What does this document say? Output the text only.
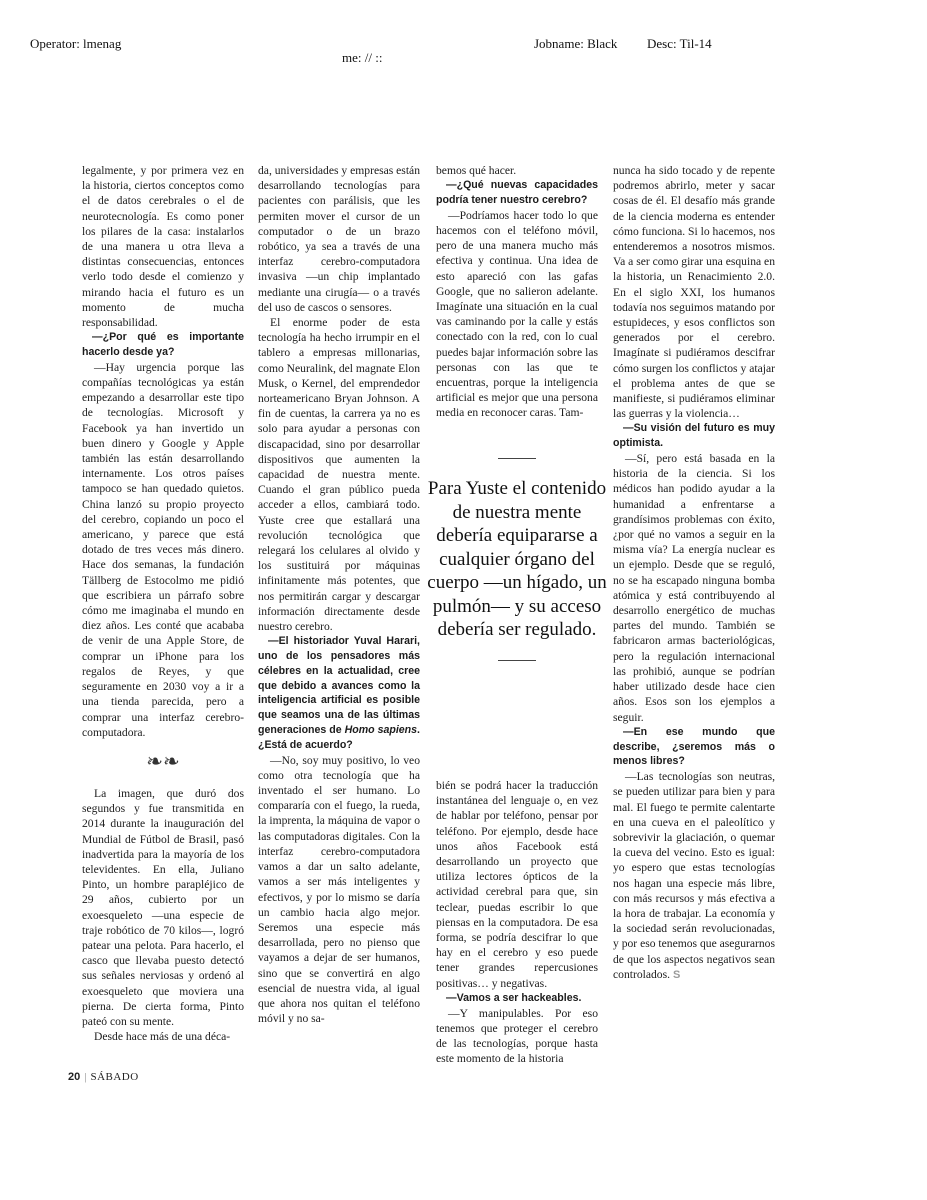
Operator: lmenag
me: // ::
Jobname: Black Desc: Til-14

legalmente, y por primera vez en la historia, ciertos conceptos como el de datos cerebrales o el de neurotecnología. Es como poner los pilares de la casa: instalarlos de una manera u otra lleva a distintas consecuencias, entonces verlo todo desde el comienzo y mirando hacia el futuro es un momento de mucha responsabilidad.

—¿Por qué es importante hacerlo desde ya?

—Hay urgencia porque las compañías tecnológicas ya están empezando a desarrollar este tipo de tecnologías. Microsoft y Facebook ya han invertido un buen dinero y Google y Apple también las están desarrollando internamente. Los otros países tampoco se han quedado quietos. China lanzó su propio proyecto del cerebro, copiando un poco el americano, y parece que está dotado de tres veces más dinero. Hace dos semanas, la fundación Tällberg de Estocolmo me pidió que escribiera un párrafo sobre cómo me imaginaba el mundo en diez años. Les conté que acababa de venir de una Apple Store, de comprar un iPhone para los regalos de Reyes, y que seguramente en 2030 voy a ir a una tienda parecida, pero a comprar una interfaz cerebro-computadora.

❧❧

La imagen, que duró dos segundos y fue transmitida en 2014 durante la inauguración del Mundial de Fútbol de Brasil, pasó inadvertida para la mayoría de los televidentes. En ella, Juliano Pinto, un hombre parapléjico de 29 años, cubierto por un exoesqueleto —una especie de traje robótico de 70 kilos—, logró patear una pelota. Para hacerlo, el casco que llevaba puesto detectó sus señales nerviosas y ordenó al exoesqueleto que moviera una pierna. De cierta forma, Pinto pateó con su mente.

Desde hace más de una déca-

da, universidades y empresas están desarrollando tecnologías para pacientes con parálisis, que les permiten mover el cursor de un computador o de un brazo robótico, ya sea a través de una interfaz cerebro-computadora invasiva —un chip implantado mediante una cirugía— o a través del uso de cascos o sensores.

El enorme poder de esta tecnología ha hecho irrumpir en el tablero a empresas millonarias, como Neuralink, del magnate Elon Musk, o Kernel, del emprendedor norteamericano Bryan Johnson. A fin de cuentas, la carrera ya no es solo para ayudar a personas con discapacidad, sino por desarrollar dispositivos que aumenten la capacidad de nuestra mente. Cuando el gran público pueda acceder a ellos, cambiará todo. Yuste cree que estallará una revolución tecnológica que relegará los celulares al olvido y los sustituirá por máquinas infinitamente más potentes, que nos permitirán cargar y descargar información directamente desde nuestro cerebro.

—El historiador Yuval Harari, uno de los pensadores más célebres en la actualidad, cree que debido a avances como la inteligencia artificial es posible que seamos una de las últimas generaciones de Homo sapiens. ¿Está de acuerdo?

—No, soy muy positivo, lo veo como otra tecnología que ha inventado el ser humano. Lo compararía con el fuego, la rueda, la imprenta, la máquina de vapor o las computadoras digitales. Con la interfaz cerebro-computadora vamos a dar un salto adelante, vamos a ser más inteligentes y efectivos, y por lo mismo se daría un cambio hacia algo mejor. Seremos una especie más desarrollada, pero no pienso que vayamos a dejar de ser humanos, sino que se convertirá en algo esencial de nuestra vida, al igual que ahora nos quitan el teléfono móvil y no sa-

bemos qué hacer.

—¿Qué nuevas capacidades podría tener nuestro cerebro?

—Podríamos hacer todo lo que hacemos con el teléfono móvil, pero de una manera mucho más efectiva y continua. Una idea de esto apareció con las gafas Google, que no salieron adelante. Imagínate una situación en la cual vas caminando por la calle y estás conectado con la red, con lo cual puedes bajar información sobre las personas con las que te encuentras, porque la inteligencia artificial es mejor que una persona media en reconocer caras. Tam-

nunca ha sido tocado y de repente podremos abrirlo, meter y sacar cosas de él. El desafío más grande de la ciencia moderna es entender cómo funciona. Si lo hacemos, nos entenderemos a nosotros mismos. Va a ser como girar una esquina en la historia, un Renacimiento 2.0. En el siglo XXI, los humanos todavía nos seguimos matando por estupideces, y esos conflictos son generados por el cerebro. Imagínate si pudiéramos descifrar cómo surgen los conflictos y atajar el problema antes de que se manifieste, si pudiéramos eliminar las guerras y la violencia…

—Su visión del futuro es muy optimista.

—Sí, pero está basada en la historia de la ciencia. Si los médicos han podido ayudar a la humanidad a enfrentarse a grandísimos problemas con éxito, ¿por qué no vamos a seguir en la misma vía? La energía nuclear es un ejemplo. Desde que se reguló, no se ha escapado ninguna bomba atómica y está contribuyendo al desarrollo energético de muchas partes del mundo. También se fabricaron armas bacteriológicas, pero la regulación internacional las prohibió, aunque se podrían haber utilizado desde hace cien años. Esos son los ejemplos a seguir.

—En ese mundo que describe, ¿seremos más o menos libres?

—Las tecnologías son neutras, se pueden utilizar para bien y para mal. El fuego te permite calentarte en una cueva en el paleolítico y sobrevivir la glaciación, o quemar la cueva del vecino. Esto es igual: yo espero que estas tecnologías nos hagan una especie más libre, con más recursos y más efectiva a la hora de trabajar. La economía y la sociedad serán revolucionadas, y por eso tenemos que asegurarnos de que los aspectos negativos sean controlados. S

Para Yuste el contenido de nuestra mente debería equipararse a cualquier órgano del cuerpo —un hígado, un pulmón— y su acceso debería ser regulado.

bién se podrá hacer la traducción instantánea del lenguaje o, en vez de hablar por teléfono, pensar por teléfono. Por ejemplo, desde hace unos años Facebook está desarrollando un proyecto que utiliza lectores ópticos de la actividad cerebral para que, sin teclear, puedas escribir lo que piensas en la computadora. De esa forma, se podría descifrar lo que hay en el cerebro y eso puede tener grandes repercusiones positivas… y negativas.

—Vamos a ser hackeables.

—Y manipulables. Por eso tenemos que proteger el cerebro de las tecnologías, porque hasta este momento de la historia

20 | SÁBADO
